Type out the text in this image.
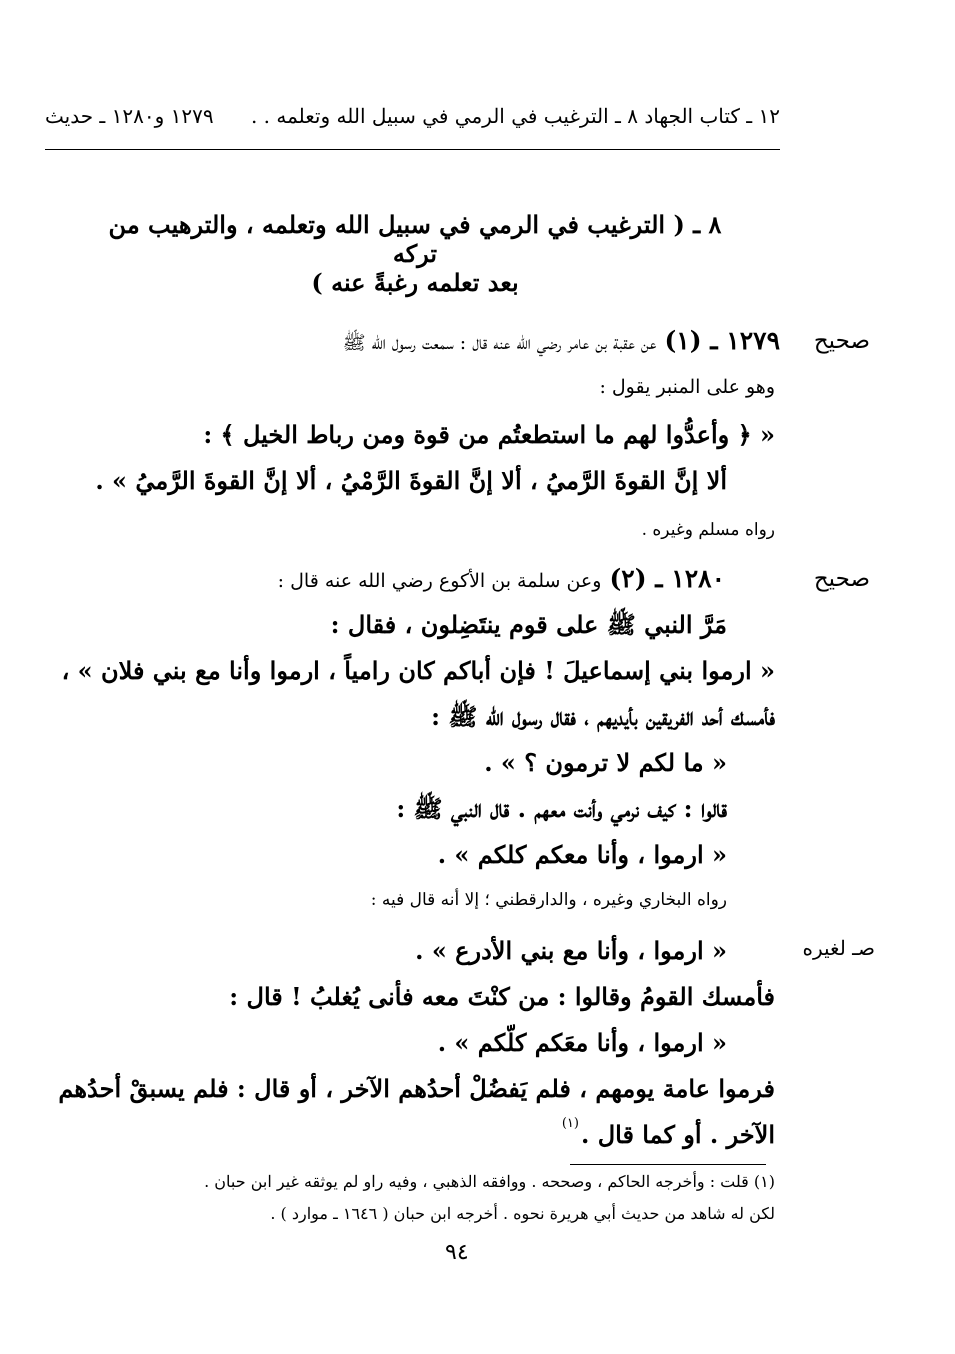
١٢٧٩ و١٢٨٠ ـ حديث ١٢ ـ كتاب الجهاد ٨ ـ الترغيب في الرمي في سبيل الله وتعلمه . .
٨ ـ ( الترغيب في الرمي في سبيل الله وتعلمه ، والترهيب من تركه
بعد تعلمه رغبةً عنه )
صحيح
١٢٧٩ ـ (١)
عن عقبة بن عامر رضي الله عنه قال : سمعت رسول الله ﷺ
وهو على المنبر يقول :
« ﴿ وأعدُّوا لهم ما استطعتُم من قوة ومن رباط الخيل ﴾ :
ألا إنَّ القوةَ الرَّميُ ، ألا إنَّ القوةَ الرَّمْيُ ، ألا إنَّ القوةَ الرَّميُ » .
رواه مسلم وغيره .
صحيح
١٢٨٠ ـ (٢)
وعن سلمة بن الأكوع رضي الله عنه قال :
مَرَّ النبي ﷺ على قوم ينتَضِلون ، فقال :
« ارموا بني إسماعيلَ ! فإن أباكم كان رامياً ، ارموا وأنا مع بني فلان » ،
فأمسك أحد الفريقين بأيديهم ، فقال رسول الله ﷺ :
« ما لكم لا ترمون ؟ » .
قالوا : كيف نرمي وأنت معهم . قال النبي ﷺ :
« ارموا ، وأنا معكم كلكم » .
رواه البخاري وغيره ، والدارقطني ؛ إلا أنه قال فيه :
صـ لغيره
« ارموا ، وأنا مع بني الأدرع » .
فأمسك القومُ وقالوا : من كنْتَ معه فأنى يُغلبُ ! قال :
« ارموا ، وأنا معَكم كلّكم » .
فرموا عامة يومهم ، فلم يَفضُلْ أحدُهم الآخر ، أو قال : فلم يسبقْ أحدُهم
الآخر . أو كما قال .
$^{(١)}$
(١) قلت : وأخرجه الحاكم ، وصححه . ووافقه الذهبي ، وفيه راو لم يوثقه غير ابن حبان .
لكن له شاهد من حديث أبي هريرة نحوه . أخرجه ابن حبان ( ١٦٤٦ ـ موارد ) .
٩٤
